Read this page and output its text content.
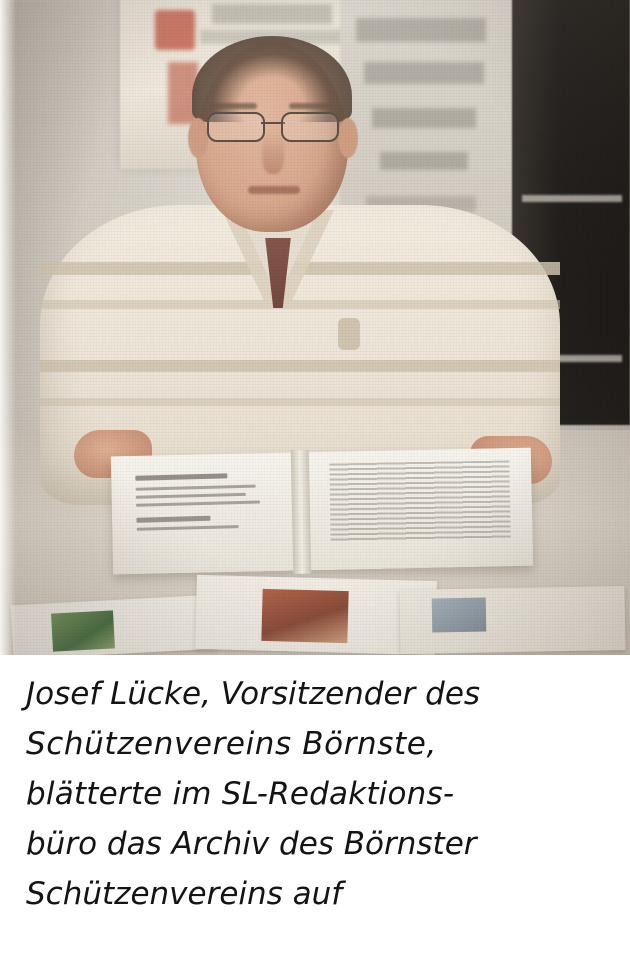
Josef Lücke, Vorsitzender des
Schützenvereins Börnste,
blätterte im SL-Redaktions-
büro das Archiv des Börnster
Schützenvereins auf
